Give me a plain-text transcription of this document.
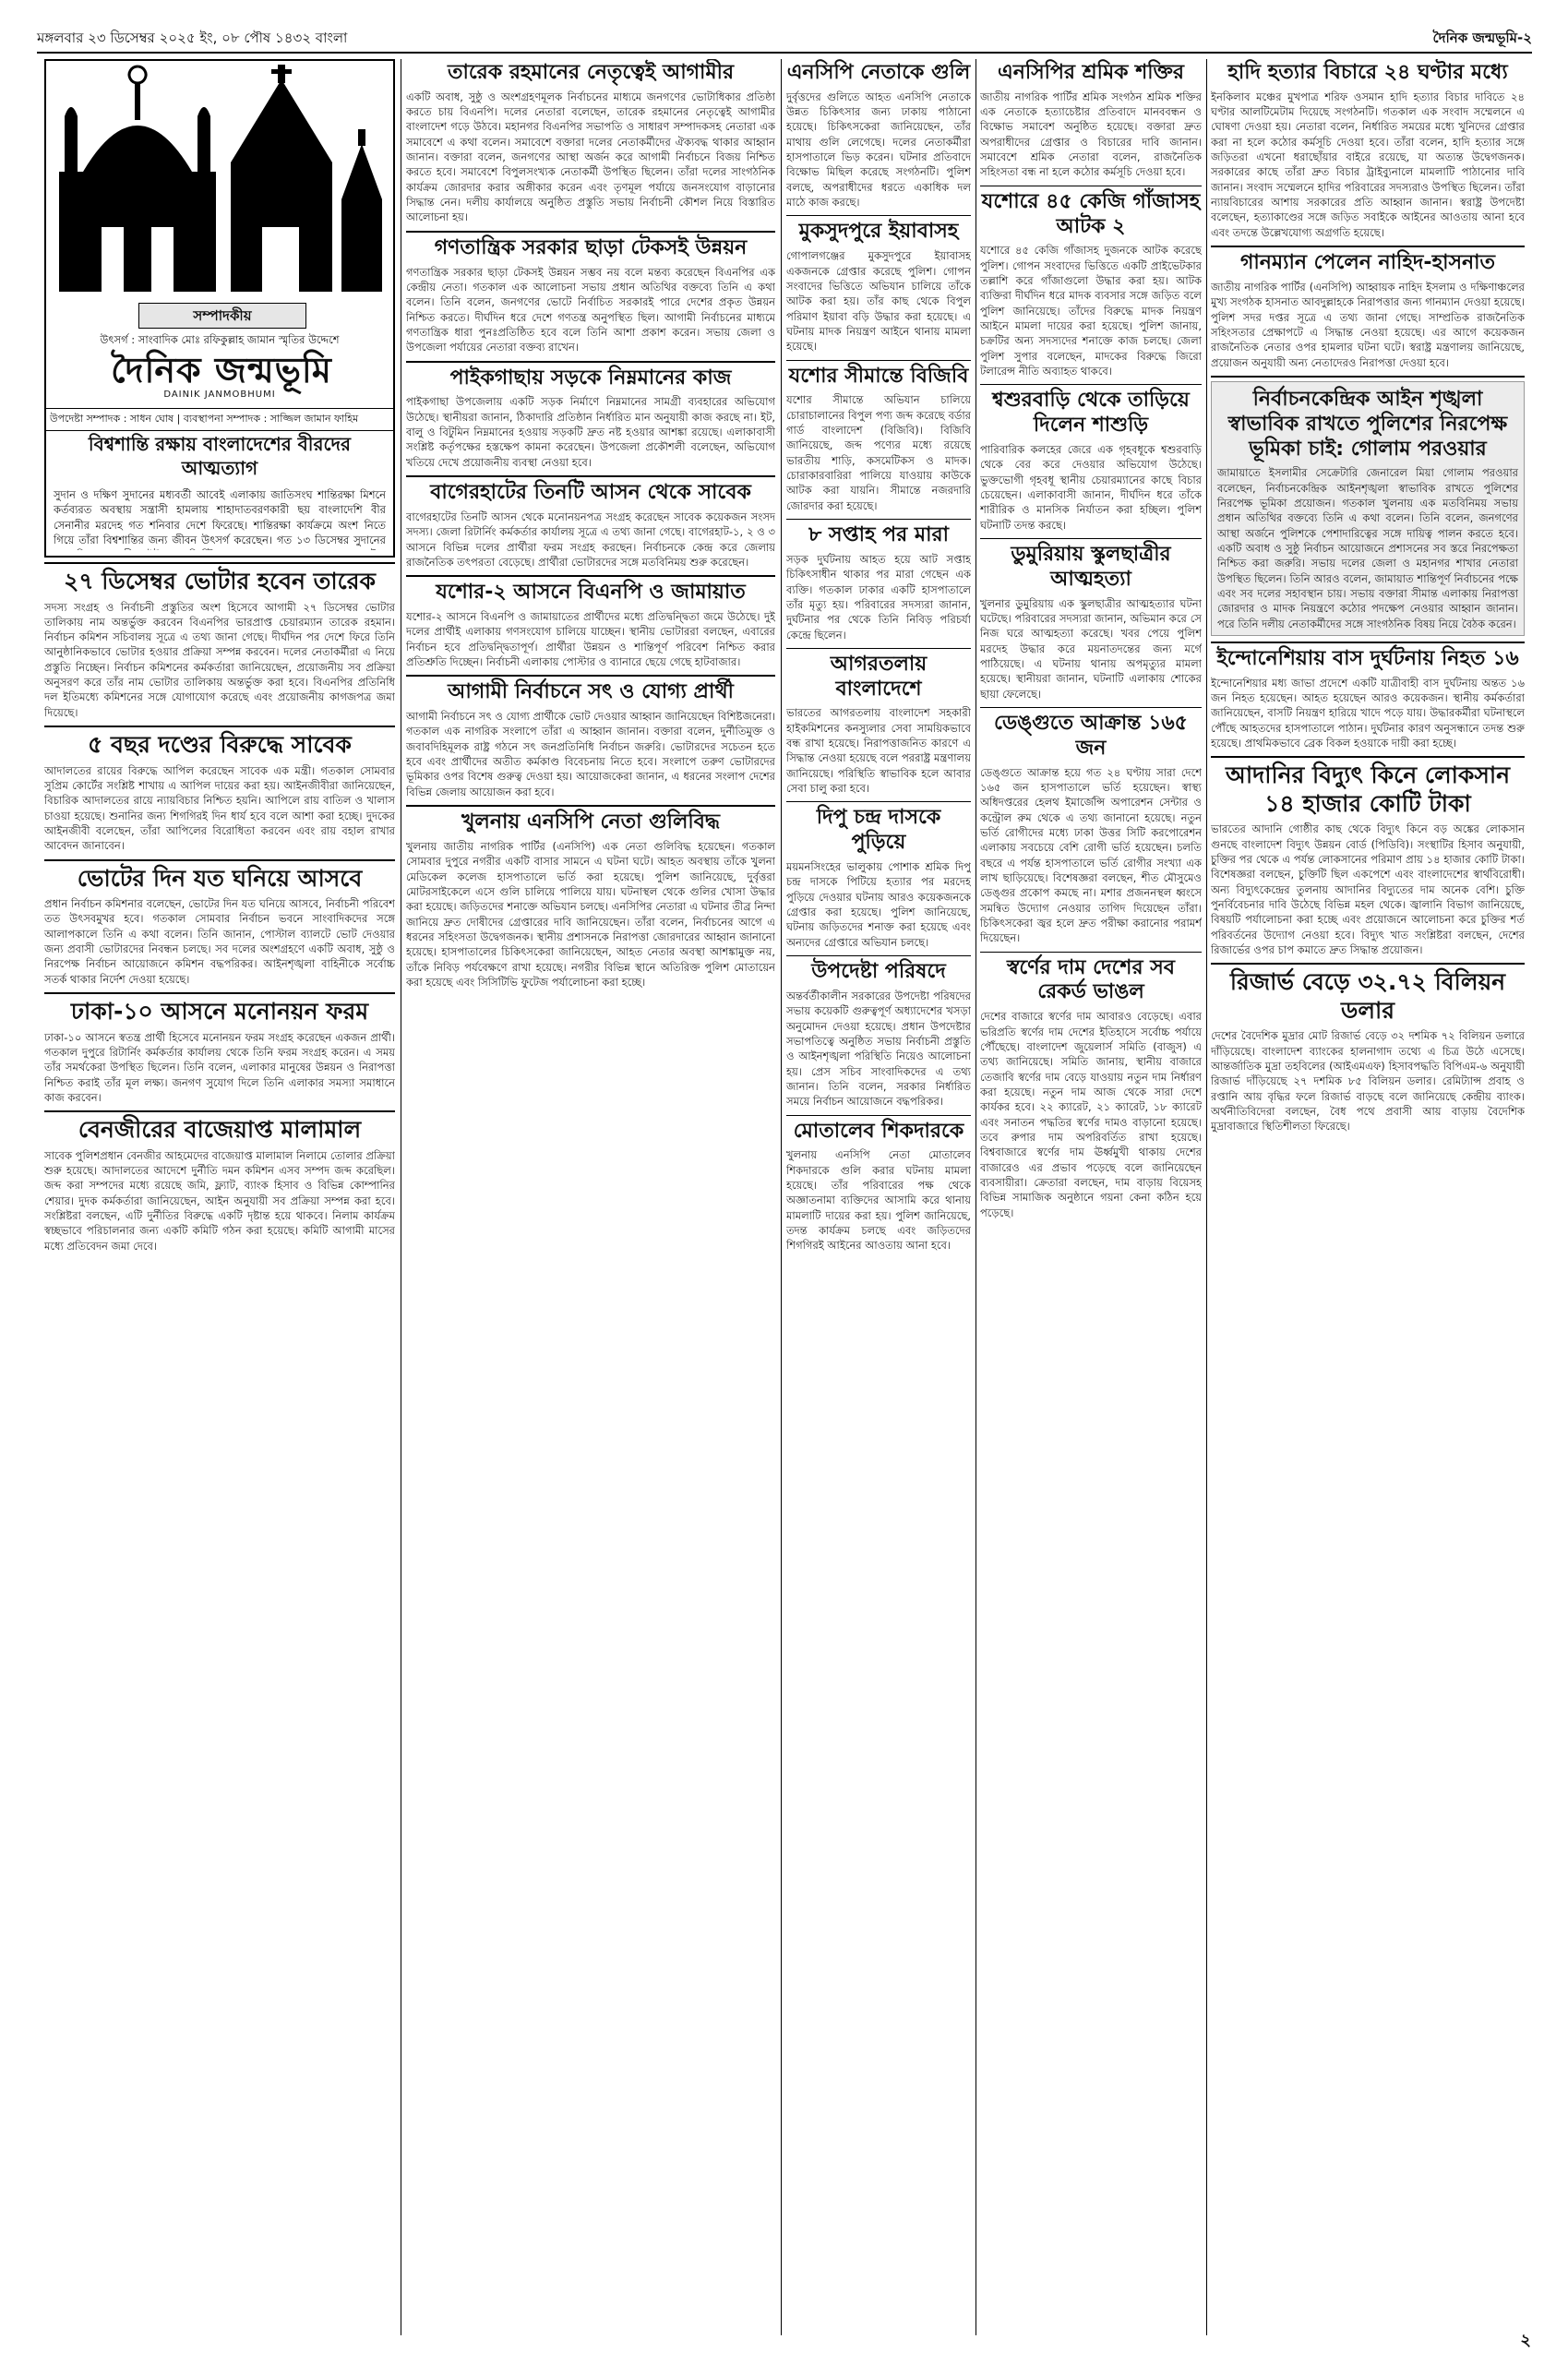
মঙ্গলবার ২৩ ডিসেম্বর ২০২৫ ইং, ০৮ পৌষ ১৪৩২ বাংলা	দৈনিক জন্মভূমি-২
সম্পাদকীয়
উৎসর্গ : সাংবাদিক মোঃ রফিকুল্লাহ জামান স্মৃতির উদ্দেশে
দৈনিক জন্মভূমি
DAINIK JANMOBHUMI
উপদেষ্টা সম্পাদক : সাধন ঘোষ | ব্যবস্থাপনা সম্পাদক : সাজ্জিল জামান ফাহিম
বিশ্বশান্তি রক্ষায় বাংলাদেশের বীরদের আত্মত্যাগ

সুদান ও দক্ষিণ সুদানের মধ্যবর্তী আবেই এলাকায় জাতিসংঘ শান্তিরক্ষা মিশনে কর্তব্যরত অবস্থায় সন্ত্রাসী হামলায় শাহাদাতবরণকারী ছয় বাংলাদেশি বীর সেনানীর মরদেহ গত শনিবার দেশে ফিরেছে। শান্তিরক্ষা কার্যক্রমে অংশ নিতে গিয়ে তাঁরা বিশ্বশান্তির জন্য জীবন উৎসর্গ করেছেন। গত ১৩ ডিসেম্বর সুদানের

২৭ ডিসেম্বর ভোটার হবেন তারেক

সদস্য সংগ্রহ ও নির্বাচনী প্রস্তুতির অংশ হিসেবে আগামী ২৭ ডিসেম্বর ভোটার তালিকায় নাম অন্তর্ভুক্ত করবেন বিএনপির ভারপ্রাপ্ত চেয়ারম্যান তারেক রহমান। নির্বাচন কমিশন সচিবালয় সূত্রে এ তথ্য জানা গেছে। দীর্ঘদিন পর দেশে ফিরে তিনি আনুষ্ঠানিকভাবে ভোটার হওয়ার প্রক্রিয়া সম্পন্ন করবেন। দলের নেতাকর্মীরা এ নিয়ে প্রস্তুতি নিচ্ছেন। নির্বাচন কমিশনের কর্মকর্তারা জানিয়েছেন, প্রয়োজনীয় সব প্রক্রিয়া অনুসরণ করে তাঁর নাম ভোটার তালিকায় অন্তর্ভুক্ত করা হবে। বিএনপির প্রতিনিধি দল ইতিমধ্যে কমিশনের সঙ্গে যোগাযোগ করেছে এবং প্রয়োজনীয় কাগজপত্র জমা দিয়েছে।

৫ বছর দণ্ডের বিরুদ্ধে সাবেক

আদালতের রায়ের বিরুদ্ধে আপিল করেছেন সাবেক এক মন্ত্রী। গতকাল সোমবার সুপ্রিম কোর্টের সংশ্লিষ্ট শাখায় এ আপিল দায়ের করা হয়। আইনজীবীরা জানিয়েছেন, বিচারিক আদালতের রায়ে ন্যায়বিচার নিশ্চিত হয়নি। আপিলে রায় বাতিল ও খালাস চাওয়া হয়েছে। শুনানির জন্য শিগগিরই দিন ধার্য হবে বলে আশা করা হচ্ছে। দুদকের আইনজীবী বলেছেন, তাঁরা আপিলের বিরোধিতা করবেন এবং রায় বহাল রাখার আবেদন জানাবেন।

ভোটের দিন যত ঘনিয়ে আসবে

প্রধান নির্বাচন কমিশনার বলেছেন, ভোটের দিন যত ঘনিয়ে আসবে, নির্বাচনী পরিবেশ তত উৎসবমুখর হবে। গতকাল সোমবার নির্বাচন ভবনে সাংবাদিকদের সঙ্গে আলাপকালে তিনি এ কথা বলেন। তিনি জানান, পোস্টাল ব্যালটে ভোট দেওয়ার জন্য প্রবাসী ভোটারদের নিবন্ধন চলছে। সব দলের অংশগ্রহণে একটি অবাধ, সুষ্ঠু ও নিরপেক্ষ নির্বাচন আয়োজনে কমিশন বদ্ধপরিকর। আইনশৃঙ্খলা বাহিনীকে সর্বোচ্চ সতর্ক থাকার নির্দেশ দেওয়া হয়েছে।

ঢাকা-১০ আসনে মনোনয়ন ফরম

ঢাকা-১০ আসনে স্বতন্ত্র প্রার্থী হিসেবে মনোনয়ন ফরম সংগ্রহ করেছেন একজন প্রার্থী। গতকাল দুপুরে রিটার্নিং কর্মকর্তার কার্যালয় থেকে তিনি ফরম সংগ্রহ করেন। এ সময় তাঁর সমর্থকেরা উপস্থিত ছিলেন। তিনি বলেন, এলাকার মানুষের উন্নয়ন ও নিরাপত্তা নিশ্চিত করাই তাঁর মূল লক্ষ্য। জনগণ সুযোগ দিলে তিনি এলাকার সমস্যা সমাধানে কাজ করবেন।

বেনজীরের বাজেয়াপ্ত মালামাল

সাবেক পুলিশপ্রধান বেনজীর আহমেদের বাজেয়াপ্ত মালামাল নিলামে তোলার প্রক্রিয়া শুরু হয়েছে। আদালতের আদেশে দুর্নীতি দমন কমিশন এসব সম্পদ জব্দ করেছিল। জব্দ করা সম্পদের মধ্যে রয়েছে জমি, ফ্ল্যাট, ব্যাংক হিসাব ও বিভিন্ন কোম্পানির শেয়ার। দুদক কর্মকর্তারা জানিয়েছেন, আইন অনুযায়ী সব প্রক্রিয়া সম্পন্ন করা হবে। সংশ্লিষ্টরা বলছেন, এটি দুর্নীতির বিরুদ্ধে একটি দৃষ্টান্ত হয়ে থাকবে। নিলাম কার্যক্রম স্বচ্ছভাবে পরিচালনার জন্য একটি কমিটি গঠন করা হয়েছে। কমিটি আগামী মাসের মধ্যে প্রতিবেদন জমা দেবে।

তারেক রহমানের নেতৃত্বেই আগামীর

একটি অবাধ, সুষ্ঠু ও অংশগ্রহণমূলক নির্বাচনের মাধ্যমে জনগণের ভোটাধিকার প্রতিষ্ঠা করতে চায় বিএনপি। দলের নেতারা বলেছেন, তারেক রহমানের নেতৃত্বেই আগামীর বাংলাদেশ গড়ে উঠবে। মহানগর বিএনপির সভাপতি ও সাধারণ সম্পাদকসহ নেতারা এক সমাবেশে এ কথা বলেন। সমাবেশে বক্তারা দলের নেতাকর্মীদের ঐক্যবদ্ধ থাকার আহ্বান জানান। বক্তারা বলেন, জনগণের আস্থা অর্জন করে আগামী নির্বাচনে বিজয় নিশ্চিত করতে হবে। সমাবেশে বিপুলসংখ্যক নেতাকর্মী উপস্থিত ছিলেন। তাঁরা দলের সাংগঠনিক কার্যক্রম জোরদার করার অঙ্গীকার করেন এবং তৃণমূল পর্যায়ে জনসংযোগ বাড়ানোর সিদ্ধান্ত নেন। দলীয় কার্যালয়ে অনুষ্ঠিত প্রস্তুতি সভায় নির্বাচনী কৌশল নিয়ে বিস্তারিত আলোচনা হয়।

গণতান্ত্রিক সরকার ছাড়া টেকসই উন্নয়ন

গণতান্ত্রিক সরকার ছাড়া টেকসই উন্নয়ন সম্ভব নয় বলে মন্তব্য করেছেন বিএনপির এক কেন্দ্রীয় নেতা। গতকাল এক আলোচনা সভায় প্রধান অতিথির বক্তব্যে তিনি এ কথা বলেন। তিনি বলেন, জনগণের ভোটে নির্বাচিত সরকারই পারে দেশের প্রকৃত উন্নয়ন নিশ্চিত করতে। দীর্ঘদিন ধরে দেশে গণতন্ত্র অনুপস্থিত ছিল। আগামী নির্বাচনের মাধ্যমে গণতান্ত্রিক ধারা পুনঃপ্রতিষ্ঠিত হবে বলে তিনি আশা প্রকাশ করেন। সভায় জেলা ও উপজেলা পর্যায়ের নেতারা বক্তব্য রাখেন।

পাইকগাছায় সড়কে নিম্নমানের কাজ

পাইকগাছা উপজেলায় একটি সড়ক নির্মাণে নিম্নমানের সামগ্রী ব্যবহারের অভিযোগ উঠেছে। স্থানীয়রা জানান, ঠিকাদারি প্রতিষ্ঠান নির্ধারিত মান অনুযায়ী কাজ করছে না। ইট, বালু ও বিটুমিন নিম্নমানের হওয়ায় সড়কটি দ্রুত নষ্ট হওয়ার আশঙ্কা রয়েছে। এলাকাবাসী সংশ্লিষ্ট কর্তৃপক্ষের হস্তক্ষেপ কামনা করেছেন। উপজেলা প্রকৌশলী বলেছেন, অভিযোগ খতিয়ে দেখে প্রয়োজনীয় ব্যবস্থা নেওয়া হবে।

বাগেরহাটের তিনটি আসন থেকে সাবেক

বাগেরহাটের তিনটি আসন থেকে মনোনয়নপত্র সংগ্রহ করেছেন সাবেক কয়েকজন সংসদ সদস্য। জেলা রিটার্নিং কর্মকর্তার কার্যালয় সূত্রে এ তথ্য জানা গেছে। বাগেরহাট-১, ২ ও ৩ আসনে বিভিন্ন দলের প্রার্থীরা ফরম সংগ্রহ করছেন। নির্বাচনকে কেন্দ্র করে জেলায় রাজনৈতিক তৎপরতা বেড়েছে। প্রার্থীরা ভোটারদের সঙ্গে মতবিনিময় শুরু করেছেন।

যশোর-২ আসনে বিএনপি ও জামায়াত

যশোর-২ আসনে বিএনপি ও জামায়াতের প্রার্থীদের মধ্যে প্রতিদ্বন্দ্বিতা জমে উঠেছে। দুই দলের প্রার্থীই এলাকায় গণসংযোগ চালিয়ে যাচ্ছেন। স্থানীয় ভোটাররা বলছেন, এবারের নির্বাচন হবে প্রতিদ্বন্দ্বিতাপূর্ণ। প্রার্থীরা উন্নয়ন ও শান্তিপূর্ণ পরিবেশ নিশ্চিত করার প্রতিশ্রুতি দিচ্ছেন। নির্বাচনী এলাকায় পোস্টার ও ব্যানারে ছেয়ে গেছে হাটবাজার।

আগামী নির্বাচনে সৎ ও যোগ্য প্রার্থী

আগামী নির্বাচনে সৎ ও যোগ্য প্রার্থীকে ভোট দেওয়ার আহ্বান জানিয়েছেন বিশিষ্টজনেরা। গতকাল এক নাগরিক সংলাপে তাঁরা এ আহ্বান জানান। বক্তারা বলেন, দুর্নীতিমুক্ত ও জবাবদিহিমূলক রাষ্ট্র গঠনে সৎ জনপ্রতিনিধি নির্বাচন জরুরি। ভোটারদের সচেতন হতে হবে এবং প্রার্থীদের অতীত কর্মকাণ্ড বিবেচনায় নিতে হবে। সংলাপে তরুণ ভোটারদের ভূমিকার ওপর বিশেষ গুরুত্ব দেওয়া হয়। আয়োজকেরা জানান, এ ধরনের সংলাপ দেশের বিভিন্ন জেলায় আয়োজন করা হবে।

খুলনায় এনসিপি নেতা গুলিবিদ্ধ

খুলনায় জাতীয় নাগরিক পার্টির (এনসিপি) এক নেতা গুলিবিদ্ধ হয়েছেন। গতকাল সোমবার দুপুরে নগরীর একটি বাসার সামনে এ ঘটনা ঘটে। আহত অবস্থায় তাঁকে খুলনা মেডিকেল কলেজ হাসপাতালে ভর্তি করা হয়েছে। পুলিশ জানিয়েছে, দুর্বৃত্তরা মোটরসাইকেলে এসে গুলি চালিয়ে পালিয়ে যায়। ঘটনাস্থল থেকে গুলির খোসা উদ্ধার করা হয়েছে। জড়িতদের শনাক্তে অভিযান চলছে। এনসিপির নেতারা এ ঘটনার তীব্র নিন্দা জানিয়ে দ্রুত দোষীদের গ্রেপ্তারের দাবি জানিয়েছেন। তাঁরা বলেন, নির্বাচনের আগে এ ধরনের সহিংসতা উদ্বেগজনক। স্থানীয় প্রশাসনকে নিরাপত্তা জোরদারের আহ্বান জানানো হয়েছে। হাসপাতালের চিকিৎসকেরা জানিয়েছেন, আহত নেতার অবস্থা আশঙ্কামুক্ত নয়, তাঁকে নিবিড় পর্যবেক্ষণে রাখা হয়েছে। নগরীর বিভিন্ন স্থানে অতিরিক্ত পুলিশ মোতায়েন করা হয়েছে এবং সিসিটিভি ফুটেজ পর্যালোচনা করা হচ্ছে।

এনসিপি নেতাকে গুলি

দুর্বৃত্তদের গুলিতে আহত এনসিপি নেতাকে উন্নত চিকিৎসার জন্য ঢাকায় পাঠানো হয়েছে। চিকিৎসকেরা জানিয়েছেন, তাঁর মাথায় গুলি লেগেছে। দলের নেতাকর্মীরা হাসপাতালে ভিড় করেন। ঘটনার প্রতিবাদে বিক্ষোভ মিছিল করেছে সংগঠনটি। পুলিশ বলছে, অপরাধীদের ধরতে একাধিক দল মাঠে কাজ করছে।

মুকসুদপুরে ইয়াবাসহ

গোপালগঞ্জের মুকসুদপুরে ইয়াবাসহ একজনকে গ্রেপ্তার করেছে পুলিশ। গোপন সংবাদের ভিত্তিতে অভিযান চালিয়ে তাঁকে আটক করা হয়। তাঁর কাছ থেকে বিপুল পরিমাণ ইয়াবা বড়ি উদ্ধার করা হয়েছে। এ ঘটনায় মাদক নিয়ন্ত্রণ আইনে থানায় মামলা হয়েছে।

যশোর সীমান্তে বিজিবি

যশোর সীমান্তে অভিযান চালিয়ে চোরাচালানের বিপুল পণ্য জব্দ করেছে বর্ডার গার্ড বাংলাদেশ (বিজিবি)। বিজিবি জানিয়েছে, জব্দ পণ্যের মধ্যে রয়েছে ভারতীয় শাড়ি, কসমেটিকস ও মাদক। চোরাকারবারিরা পালিয়ে যাওয়ায় কাউকে আটক করা যায়নি। সীমান্তে নজরদারি জোরদার করা হয়েছে।

৮ সপ্তাহ পর মারা

সড়ক দুর্ঘটনায় আহত হয়ে আট সপ্তাহ চিকিৎসাধীন থাকার পর মারা গেছেন এক ব্যক্তি। গতকাল ঢাকার একটি হাসপাতালে তাঁর মৃত্যু হয়। পরিবারের সদস্যরা জানান, দুর্ঘটনার পর থেকে তিনি নিবিড় পরিচর্যা কেন্দ্রে ছিলেন।

আগরতলায় বাংলাদেশে

ভারতের আগরতলায় বাংলাদেশ সহকারী হাইকমিশনের কনস্যুলার সেবা সাময়িকভাবে বন্ধ রাখা হয়েছে। নিরাপত্তাজনিত কারণে এ সিদ্ধান্ত নেওয়া হয়েছে বলে পররাষ্ট্র মন্ত্রণালয় জানিয়েছে। পরিস্থিতি স্বাভাবিক হলে আবার সেবা চালু করা হবে।

দিপু চন্দ্র দাসকে পুড়িয়ে

ময়মনসিংহের ভালুকায় পোশাক শ্রমিক দিপু চন্দ্র দাসকে পিটিয়ে হত্যার পর মরদেহ পুড়িয়ে দেওয়ার ঘটনায় আরও কয়েকজনকে গ্রেপ্তার করা হয়েছে। পুলিশ জানিয়েছে, ঘটনায় জড়িতদের শনাক্ত করা হয়েছে এবং অন্যদের গ্রেপ্তারে অভিযান চলছে।

উপদেষ্টা পরিষদে

অন্তর্বর্তীকালীন সরকারের উপদেষ্টা পরিষদের সভায় কয়েকটি গুরুত্বপূর্ণ অধ্যাদেশের খসড়া অনুমোদন দেওয়া হয়েছে। প্রধান উপদেষ্টার সভাপতিত্বে অনুষ্ঠিত সভায় নির্বাচনী প্রস্তুতি ও আইনশৃঙ্খলা পরিস্থিতি নিয়েও আলোচনা হয়। প্রেস সচিব সাংবাদিকদের এ তথ্য জানান। তিনি বলেন, সরকার নির্ধারিত সময়ে নির্বাচন আয়োজনে বদ্ধপরিকর।

মোতালেব শিকদারকে

খুলনায় এনসিপি নেতা মোতালেব শিকদারকে গুলি করার ঘটনায় মামলা হয়েছে। তাঁর পরিবারের পক্ষ থেকে অজ্ঞাতনামা ব্যক্তিদের আসামি করে থানায় মামলাটি দায়ের করা হয়। পুলিশ জানিয়েছে, তদন্ত কার্যক্রম চলছে এবং জড়িতদের শিগগিরই আইনের আওতায় আনা হবে।

এনসিপির শ্রমিক শক্তির

জাতীয় নাগরিক পার্টির শ্রমিক সংগঠন শ্রমিক শক্তির এক নেতাকে হত্যাচেষ্টার প্রতিবাদে মানববন্ধন ও বিক্ষোভ সমাবেশ অনুষ্ঠিত হয়েছে। বক্তারা দ্রুত অপরাধীদের গ্রেপ্তার ও বিচারের দাবি জানান। সমাবেশে শ্রমিক নেতারা বলেন, রাজনৈতিক সহিংসতা বন্ধ না হলে কঠোর কর্মসূচি দেওয়া হবে।

যশোরে ৪৫ কেজি গাঁজাসহ আটক ২

যশোরে ৪৫ কেজি গাঁজাসহ দুজনকে আটক করেছে পুলিশ। গোপন সংবাদের ভিত্তিতে একটি প্রাইভেটকার তল্লাশি করে গাঁজাগুলো উদ্ধার করা হয়। আটক ব্যক্তিরা দীর্ঘদিন ধরে মাদক ব্যবসার সঙ্গে জড়িত বলে পুলিশ জানিয়েছে। তাঁদের বিরুদ্ধে মাদক নিয়ন্ত্রণ আইনে মামলা দায়ের করা হয়েছে। পুলিশ জানায়, চক্রটির অন্য সদস্যদের শনাক্তে কাজ চলছে। জেলা পুলিশ সুপার বলেছেন, মাদকের বিরুদ্ধে জিরো টলারেন্স নীতি অব্যাহত থাকবে।

শ্বশুরবাড়ি থেকে তাড়িয়ে দিলেন শাশুড়ি

পারিবারিক কলহের জেরে এক গৃহবধূকে শ্বশুরবাড়ি থেকে বের করে দেওয়ার অভিযোগ উঠেছে। ভুক্তভোগী গৃহবধূ স্থানীয় চেয়ারম্যানের কাছে বিচার চেয়েছেন। এলাকাবাসী জানান, দীর্ঘদিন ধরে তাঁকে শারীরিক ও মানসিক নির্যাতন করা হচ্ছিল। পুলিশ ঘটনাটি তদন্ত করছে।

ডুমুরিয়ায় স্কুলছাত্রীর আত্মহত্যা

খুলনার ডুমুরিয়ায় এক স্কুলছাত্রীর আত্মহত্যার ঘটনা ঘটেছে। পরিবারের সদস্যরা জানান, অভিমান করে সে নিজ ঘরে আত্মহত্যা করেছে। খবর পেয়ে পুলিশ মরদেহ উদ্ধার করে ময়নাতদন্তের জন্য মর্গে পাঠিয়েছে। এ ঘটনায় থানায় অপমৃত্যুর মামলা হয়েছে। স্থানীয়রা জানান, ঘটনাটি এলাকায় শোকের ছায়া ফেলেছে।

ডেঙ্গুতে আক্রান্ত ১৬৫ জন

ডেঙ্গুতে আক্রান্ত হয়ে গত ২৪ ঘণ্টায় সারা দেশে ১৬৫ জন হাসপাতালে ভর্তি হয়েছেন। স্বাস্থ্য অধিদপ্তরের হেলথ ইমার্জেন্সি অপারেশন সেন্টার ও কন্ট্রোল রুম থেকে এ তথ্য জানানো হয়েছে। নতুন ভর্তি রোগীদের মধ্যে ঢাকা উত্তর সিটি করপোরেশন এলাকায় সবচেয়ে বেশি রোগী ভর্তি হয়েছেন। চলতি বছরে এ পর্যন্ত হাসপাতালে ভর্তি রোগীর সংখ্যা এক লাখ ছাড়িয়েছে। বিশেষজ্ঞরা বলছেন, শীত মৌসুমেও ডেঙ্গুর প্রকোপ কমছে না। মশার প্রজননস্থল ধ্বংসে সমন্বিত উদ্যোগ নেওয়ার তাগিদ দিয়েছেন তাঁরা। চিকিৎসকেরা জ্বর হলে দ্রুত পরীক্ষা করানোর পরামর্শ দিয়েছেন।

স্বর্ণের দাম দেশের সব রেকর্ড ভাঙল

দেশের বাজারে স্বর্ণের দাম আবারও বেড়েছে। এবার ভরিপ্রতি স্বর্ণের দাম দেশের ইতিহাসে সর্বোচ্চ পর্যায়ে পৌঁছেছে। বাংলাদেশ জুয়েলার্স সমিতি (বাজুস) এ তথ্য জানিয়েছে। সমিতি জানায়, স্থানীয় বাজারে তেজাবি স্বর্ণের দাম বেড়ে যাওয়ায় নতুন দাম নির্ধারণ করা হয়েছে। নতুন দাম আজ থেকে সারা দেশে কার্যকর হবে। ২২ ক্যারেট, ২১ ক্যারেট, ১৮ ক্যারেট এবং সনাতন পদ্ধতির স্বর্ণের দামও বাড়ানো হয়েছে। তবে রুপার দাম অপরিবর্তিত রাখা হয়েছে। বিশ্ববাজারে স্বর্ণের দাম ঊর্ধ্বমুখী থাকায় দেশের বাজারেও এর প্রভাব পড়েছে বলে জানিয়েছেন ব্যবসায়ীরা। ক্রেতারা বলছেন, দাম বাড়ায় বিয়েসহ বিভিন্ন সামাজিক অনুষ্ঠানে গয়না কেনা কঠিন হয়ে পড়েছে।

হাদি হত্যার বিচারে ২৪ ঘণ্টার মধ্যে

ইনকিলাব মঞ্চের মুখপাত্র শরিফ ওসমান হাদি হত্যার বিচার দাবিতে ২৪ ঘণ্টার আলটিমেটাম দিয়েছে সংগঠনটি। গতকাল এক সংবাদ সম্মেলনে এ ঘোষণা দেওয়া হয়। নেতারা বলেন, নির্ধারিত সময়ের মধ্যে খুনিদের গ্রেপ্তার করা না হলে কঠোর কর্মসূচি দেওয়া হবে। তাঁরা বলেন, হাদি হত্যার সঙ্গে জড়িতরা এখনো ধরাছোঁয়ার বাইরে রয়েছে, যা অত্যন্ত উদ্বেগজনক। সরকারের কাছে তাঁরা দ্রুত বিচার ট্রাইব্যুনালে মামলাটি পাঠানোর দাবি জানান। সংবাদ সম্মেলনে হাদির পরিবারের সদস্যরাও উপস্থিত ছিলেন। তাঁরা ন্যায়বিচারের আশায় সরকারের প্রতি আহ্বান জানান। স্বরাষ্ট্র উপদেষ্টা বলেছেন, হত্যাকাণ্ডের সঙ্গে জড়িত সবাইকে আইনের আওতায় আনা হবে এবং তদন্তে উল্লেখযোগ্য অগ্রগতি হয়েছে।

গানম্যান পেলেন নাহিদ-হাসনাত

জাতীয় নাগরিক পার্টির (এনসিপি) আহ্বায়ক নাহিদ ইসলাম ও দক্ষিণাঞ্চলের মুখ্য সংগঠক হাসনাত আবদুল্লাহকে নিরাপত্তার জন্য গানম্যান দেওয়া হয়েছে। পুলিশ সদর দপ্তর সূত্রে এ তথ্য জানা গেছে। সাম্প্রতিক রাজনৈতিক সহিংসতার প্রেক্ষাপটে এ সিদ্ধান্ত নেওয়া হয়েছে। এর আগে কয়েকজন রাজনৈতিক নেতার ওপর হামলার ঘটনা ঘটে। স্বরাষ্ট্র মন্ত্রণালয় জানিয়েছে, প্রয়োজন অনুযায়ী অন্য নেতাদেরও নিরাপত্তা দেওয়া হবে।

নির্বাচনকেন্দ্রিক আইন শৃঙ্খলা স্বাভাবিক রাখতে পুলিশের নিরপেক্ষ ভূমিকা চাই: গোলাম পরওয়ার

জামায়াতে ইসলামীর সেক্রেটারি জেনারেল মিয়া গোলাম পরওয়ার বলেছেন, নির্বাচনকেন্দ্রিক আইনশৃঙ্খলা স্বাভাবিক রাখতে পুলিশের নিরপেক্ষ ভূমিকা প্রয়োজন। গতকাল খুলনায় এক মতবিনিময় সভায় প্রধান অতিথির বক্তব্যে তিনি এ কথা বলেন। তিনি বলেন, জনগণের আস্থা অর্জনে পুলিশকে পেশাদারিত্বের সঙ্গে দায়িত্ব পালন করতে হবে। একটি অবাধ ও সুষ্ঠু নির্বাচন আয়োজনে প্রশাসনের সব স্তরে নিরপেক্ষতা নিশ্চিত করা জরুরি। সভায় দলের জেলা ও মহানগর শাখার নেতারা উপস্থিত ছিলেন। তিনি আরও বলেন, জামায়াত শান্তিপূর্ণ নির্বাচনের পক্ষে এবং সব দলের সহাবস্থান চায়। সভায় বক্তারা সীমান্ত এলাকায় নিরাপত্তা জোরদার ও মাদক নিয়ন্ত্রণে কঠোর পদক্ষেপ নেওয়ার আহ্বান জানান। পরে তিনি দলীয় নেতাকর্মীদের সঙ্গে সাংগঠনিক বিষয় নিয়ে বৈঠক করেন।

ইন্দোনেশিয়ায় বাস দুর্ঘটনায় নিহত ১৬

ইন্দোনেশিয়ার মধ্য জাভা প্রদেশে একটি যাত্রীবাহী বাস দুর্ঘটনায় অন্তত ১৬ জন নিহত হয়েছেন। আহত হয়েছেন আরও কয়েকজন। স্থানীয় কর্মকর্তারা জানিয়েছেন, বাসটি নিয়ন্ত্রণ হারিয়ে খাদে পড়ে যায়। উদ্ধারকর্মীরা ঘটনাস্থলে পৌঁছে আহতদের হাসপাতালে পাঠান। দুর্ঘটনার কারণ অনুসন্ধানে তদন্ত শুরু হয়েছে। প্রাথমিকভাবে ব্রেক বিকল হওয়াকে দায়ী করা হচ্ছে।

আদানির বিদ্যুৎ কিনে লোকসান ১৪ হাজার কোটি টাকা

ভারতের আদানি গোষ্ঠীর কাছ থেকে বিদ্যুৎ কিনে বড় অঙ্কের লোকসান গুনছে বাংলাদেশ বিদ্যুৎ উন্নয়ন বোর্ড (পিডিবি)। সংস্থাটির হিসাব অনুযায়ী, চুক্তির পর থেকে এ পর্যন্ত লোকসানের পরিমাণ প্রায় ১৪ হাজার কোটি টাকা। বিশেষজ্ঞরা বলছেন, চুক্তিটি ছিল একপেশে এবং বাংলাদেশের স্বার্থবিরোধী। অন্য বিদ্যুৎকেন্দ্রের তুলনায় আদানির বিদ্যুতের দাম অনেক বেশি। চুক্তি পুনর্বিবেচনার দাবি উঠেছে বিভিন্ন মহল থেকে। জ্বালানি বিভাগ জানিয়েছে, বিষয়টি পর্যালোচনা করা হচ্ছে এবং প্রয়োজনে আলোচনা করে চুক্তির শর্ত পরিবর্তনের উদ্যোগ নেওয়া হবে। বিদ্যুৎ খাত সংশ্লিষ্টরা বলছেন, দেশের রিজার্ভের ওপর চাপ কমাতে দ্রুত সিদ্ধান্ত প্রয়োজন।

রিজার্ভ বেড়ে ৩২.৭২ বিলিয়ন ডলার

দেশের বৈদেশিক মুদ্রার মোট রিজার্ভ বেড়ে ৩২ দশমিক ৭২ বিলিয়ন ডলারে দাঁড়িয়েছে। বাংলাদেশ ব্যাংকের হালনাগাদ তথ্যে এ চিত্র উঠে এসেছে। আন্তর্জাতিক মুদ্রা তহবিলের (আইএমএফ) হিসাবপদ্ধতি বিপিএম-৬ অনুযায়ী রিজার্ভ দাঁড়িয়েছে ২৭ দশমিক ৮৫ বিলিয়ন ডলার। রেমিট্যান্স প্রবাহ ও রপ্তানি আয় বৃদ্ধির ফলে রিজার্ভ বাড়ছে বলে জানিয়েছে কেন্দ্রীয় ব্যাংক। অর্থনীতিবিদেরা বলছেন, বৈধ পথে প্রবাসী আয় বাড়ায় বৈদেশিক মুদ্রাবাজারে স্থিতিশীলতা ফিরেছে।

২
